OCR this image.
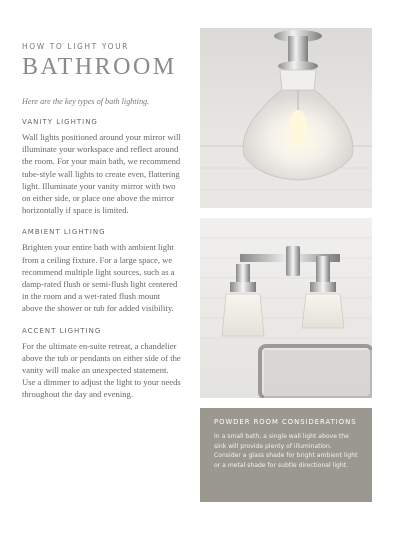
HOW TO LIGHT YOUR

BATHROOM

Here are the key types of bath lighting.

VANITY LIGHTING

Wall lights positioned around your mirror will illuminate your workspace and reflect around the room. For your main bath, we recommend tube-style wall lights to create even, flattering light. Illuminate your vanity mirror with two on either side, or place one above the mirror horizontally if space is limited.

AMBIENT LIGHTING

Brighten your entire bath with ambient light from a ceiling fixture. For a large space, we recommend multiple light sources, such as a damp-rated flush or semi-flush light centered in the room and a wet-rated flush mount above the shower or tub for added visibility.

ACCENT LIGHTING

For the ultimate en-suite retreat, a chandelier above the tub or pendants on either side of the vanity will make an unexpected statement. Use a dimmer to adjust the light to your needs throughout the day and evening.

POWDER ROOM CONSIDERATIONS

In a small bath, a single wall light above the sink will provide plenty of illumination. Consider a glass shade for bright ambient light or a metal shade for subtle directional light.
